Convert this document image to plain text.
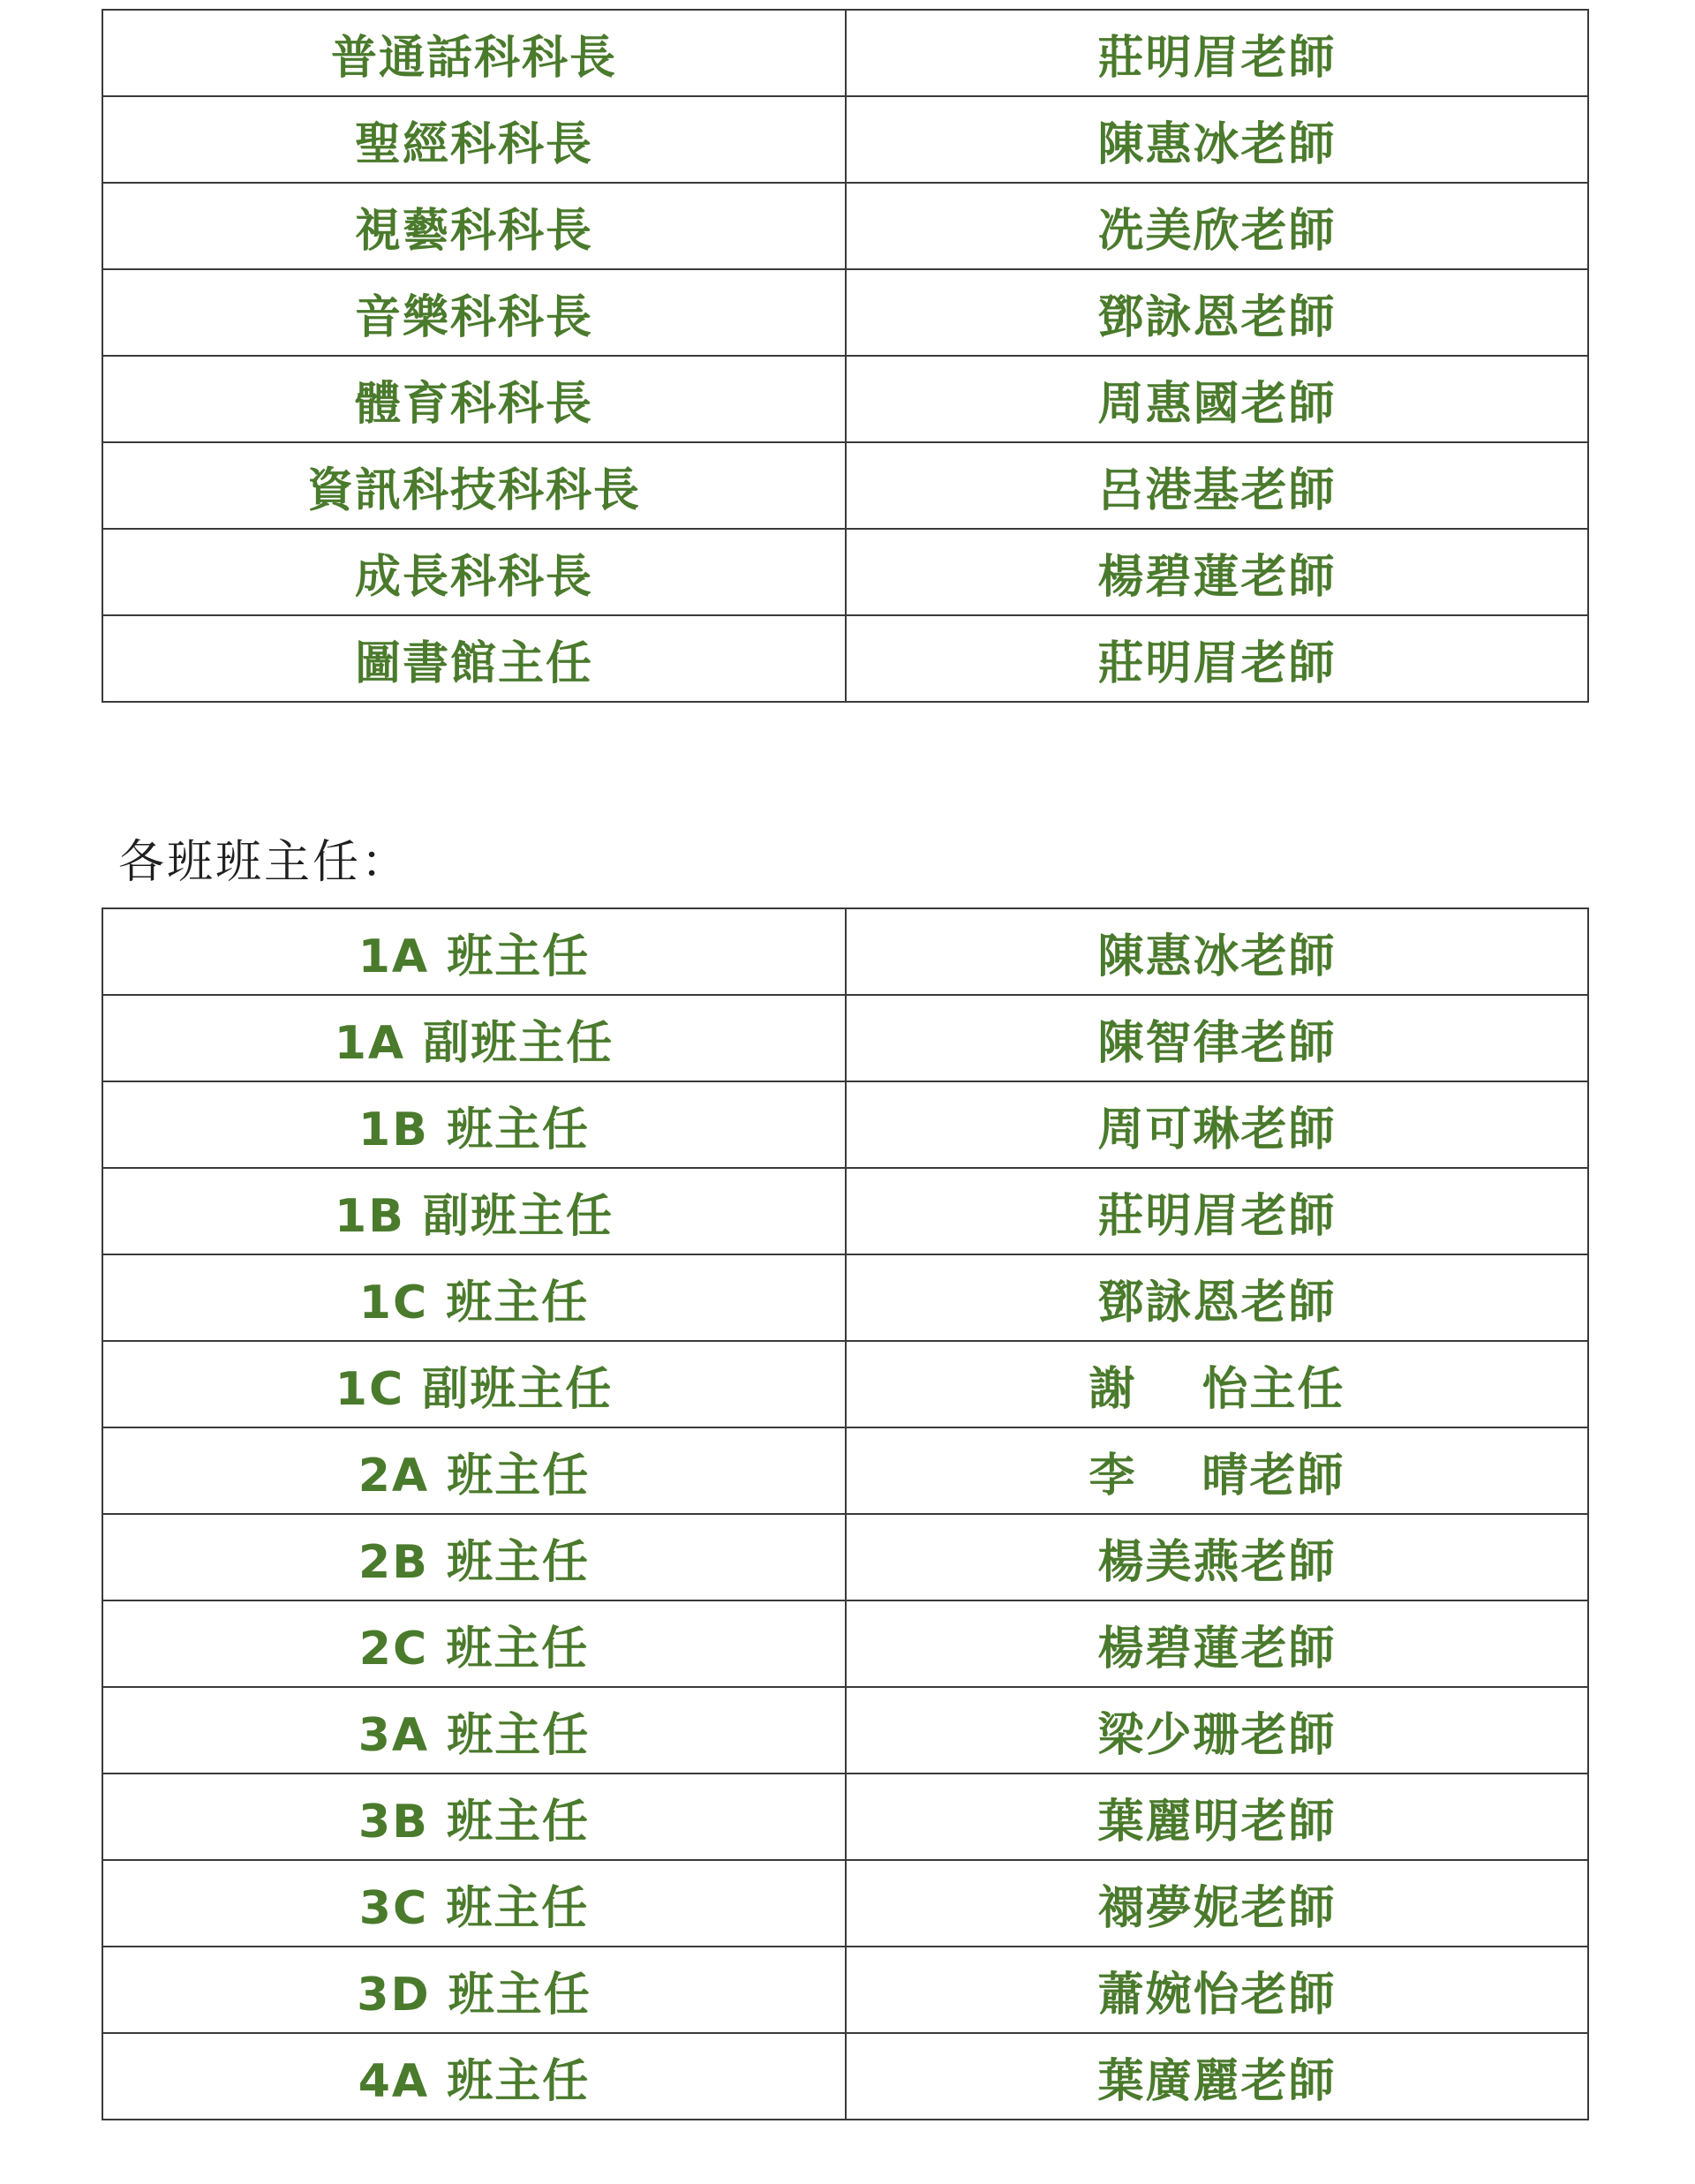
普通話科科長	莊明眉老師
聖經科科長	陳惠冰老師
視藝科科長	冼美欣老師
音樂科科長	鄧詠恩老師
體育科科長	周惠國老師
資訊科技科科長	呂港基老師
成長科科長	楊碧蓮老師
圖書館主任	莊明眉老師
各班班主任：
1A 班主任	陳惠冰老師
1A 副班主任	陳智律老師
1B 班主任	周可琳老師
1B 副班主任	莊明眉老師
1C 班主任	鄧詠恩老師
1C 副班主任	謝　 怡主任
2A 班主任	李　 晴老師
2B 班主任	楊美燕老師
2C 班主任	楊碧蓮老師
3A 班主任	梁少珊老師
3B 班主任	葉麗明老師
3C 班主任	禤夢妮老師
3D 班主任	蕭婉怡老師
4A 班主任	葉廣麗老師
